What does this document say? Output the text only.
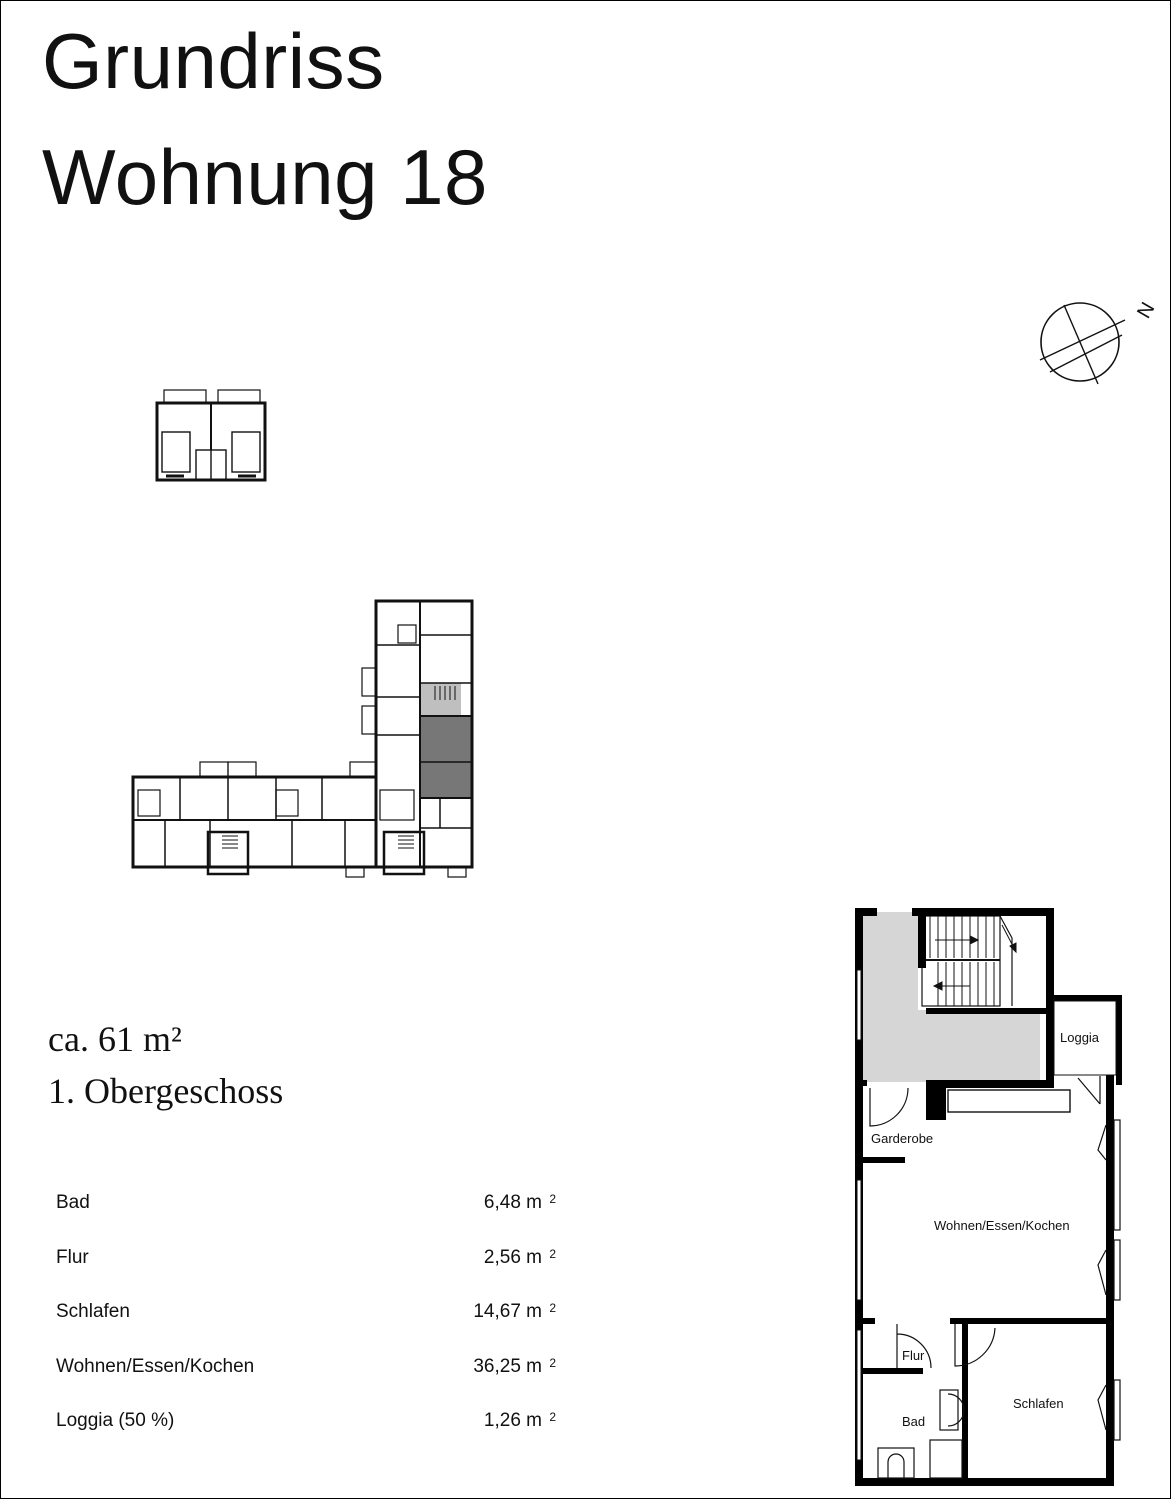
Grundriss
Wohnung 18
ca. 61 m²
1. Obergeschoss
Bad	6,48 m $^2$
Flur	2,56 m $^2$
Schlafen	14,67 m $^2$
Wohnen/Essen/Kochen	36,25 m $^2$
Loggia (50 %)	1,26 m $^2$
N
Loggia
Garderobe
Wohnen/Essen/Kochen
Flur
Bad
Schlafen
